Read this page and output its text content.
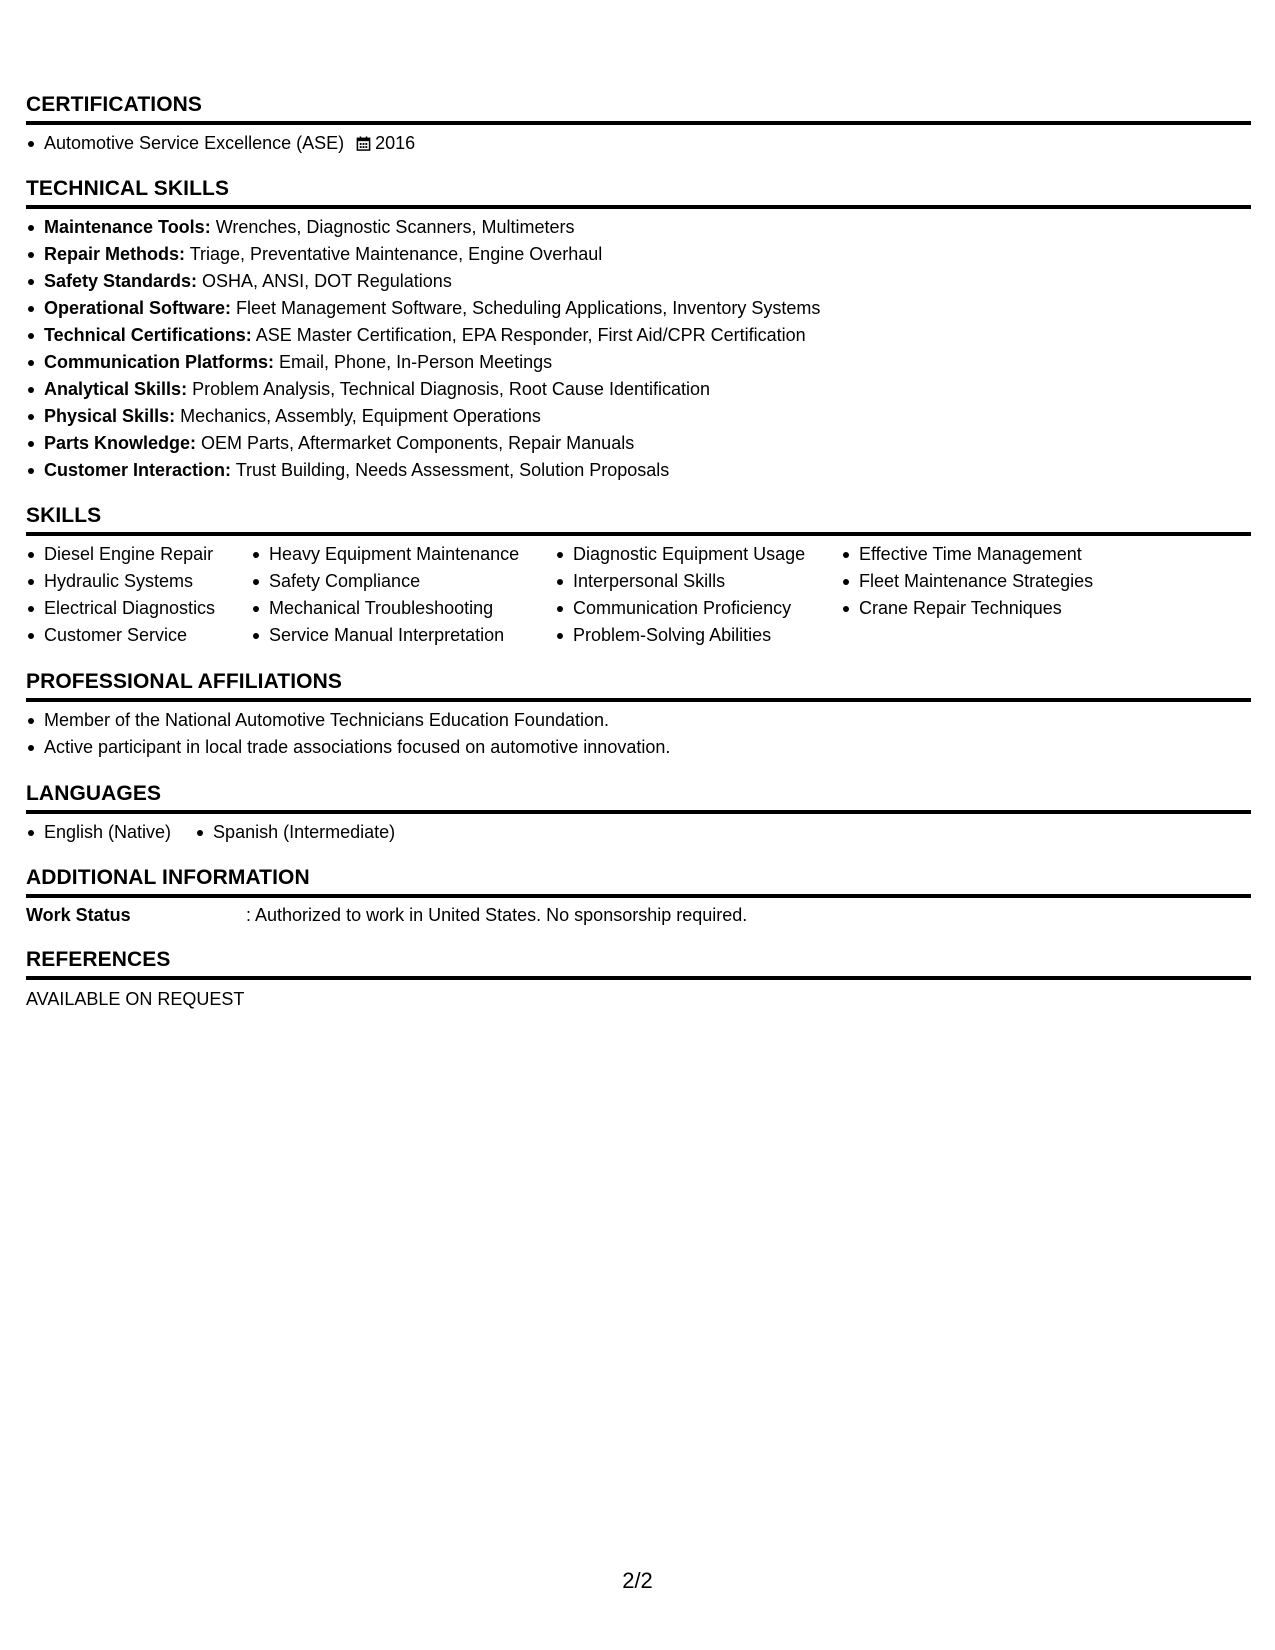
CERTIFICATIONS
Automotive Service Excellence (ASE) 2016
TECHNICAL SKILLS
Maintenance Tools: Wrenches, Diagnostic Scanners, Multimeters
Repair Methods: Triage, Preventative Maintenance, Engine Overhaul
Safety Standards: OSHA, ANSI, DOT Regulations
Operational Software: Fleet Management Software, Scheduling Applications, Inventory Systems
Technical Certifications: ASE Master Certification, EPA Responder, First Aid/CPR Certification
Communication Platforms: Email, Phone, In-Person Meetings
Analytical Skills: Problem Analysis, Technical Diagnosis, Root Cause Identification
Physical Skills: Mechanics, Assembly, Equipment Operations
Parts Knowledge: OEM Parts, Aftermarket Components, Repair Manuals
Customer Interaction: Trust Building, Needs Assessment, Solution Proposals
SKILLS
Diesel Engine Repair
Hydraulic Systems
Electrical Diagnostics
Customer Service
Heavy Equipment Maintenance
Safety Compliance
Mechanical Troubleshooting
Service Manual Interpretation
Diagnostic Equipment Usage
Interpersonal Skills
Communication Proficiency
Problem-Solving Abilities
Effective Time Management
Fleet Maintenance Strategies
Crane Repair Techniques
PROFESSIONAL AFFILIATIONS
Member of the National Automotive Technicians Education Foundation.
Active participant in local trade associations focused on automotive innovation.
LANGUAGES
English (Native)	Spanish (Intermediate)
ADDITIONAL INFORMATION
Work Status	: Authorized to work in United States. No sponsorship required.
REFERENCES
AVAILABLE ON REQUEST
2/2
